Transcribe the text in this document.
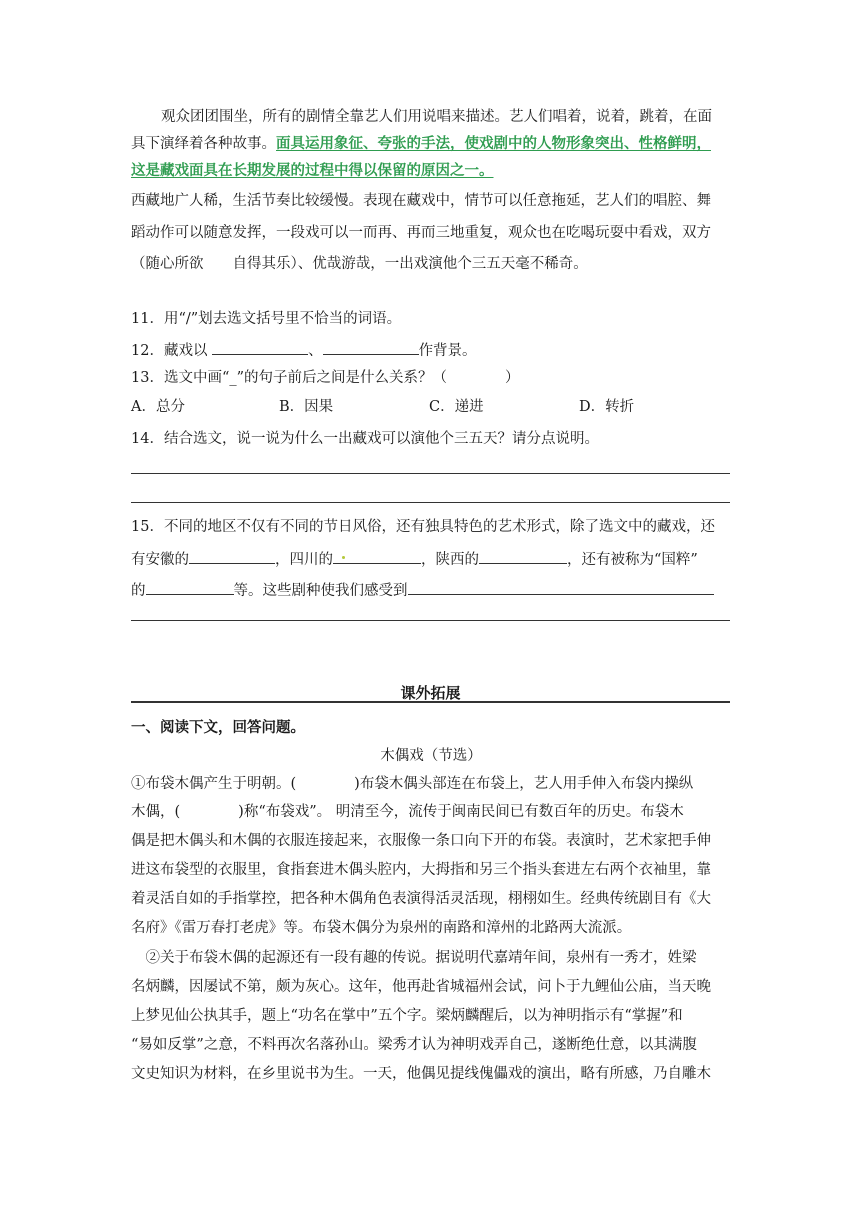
观众团团围坐，所有的剧情全靠艺人们用说唱来描述。艺人们唱着，说着，跳着，在面
具下演绎着各种故事。面具运用象征、夸张的手法，使戏剧中的人物形象突出、性格鲜明，
这是藏戏面具在长期发展的过程中得以保留的原因之一。
西藏地广人稀，生活节奏比较缓慢。表现在藏戏中，情节可以任意拖延，艺人们的唱腔、舞
蹈动作可以随意发挥，一段戏可以一而再、再而三地重复，观众也在吃喝玩耍中看戏，双方
（随心所欲　　自得其乐）、优哉游哉，一出戏演他个三五天毫不稀奇。
11．用“/”划去选文括号里不恰当的词语。
12．藏戏以	、	作背景。
13．选文中画“_”的句子前后之间是什么关系？（　　　　）
A．总分	B．因果	C．递进	D．转折
14．结合选文，说一说为什么一出藏戏可以演他个三五天？请分点说明。
15．不同的地区不仅有不同的节日风俗，还有独具特色的艺术形式，除了选文中的藏戏，还
有安徽的	，四川的	，陕西的	，还有被称为“国粹”
的	等。这些剧种使我们感受到
课外拓展
一、阅读下文，回答问题。
木偶戏（节选）
①布袋木偶产生于明朝。(　　　　)布袋木偶头部连在布袋上，艺人用手伸入布袋内操纵
木偶，(　　　　)称“布袋戏”。 明清至今，流传于闽南民间已有数百年的历史。布袋木
偶是把木偶头和木偶的衣服连接起来，衣服像一条口向下开的布袋。表演时，艺术家把手伸
进这布袋型的衣服里，食指套进木偶头腔内，大拇指和另三个指头套进左右两个衣袖里，靠
着灵活自如的手指掌控，把各种木偶角色表演得活灵活现，栩栩如生。经典传统剧目有《大
名府》《雷万春打老虎》等。布袋木偶分为泉州的南路和漳州的北路两大流派。
　②关于布袋木偶的起源还有一段有趣的传说。据说明代嘉靖年间，泉州有一秀才，姓梁
名炳麟，因屡试不第，颇为灰心。这年，他再赴省城福州会试，问卜于九鲤仙公庙，当天晚
上梦见仙公执其手，题上“功名在掌中”五个字。梁炳麟醒后，以为神明指示有“掌握”和
“易如反掌”之意，不料再次名落孙山。梁秀才认为神明戏弄自己，遂断绝仕意，以其满腹
文史知识为材料，在乡里说书为生。一天，他偶见提线傀儡戏的演出，略有所感，乃自雕木
